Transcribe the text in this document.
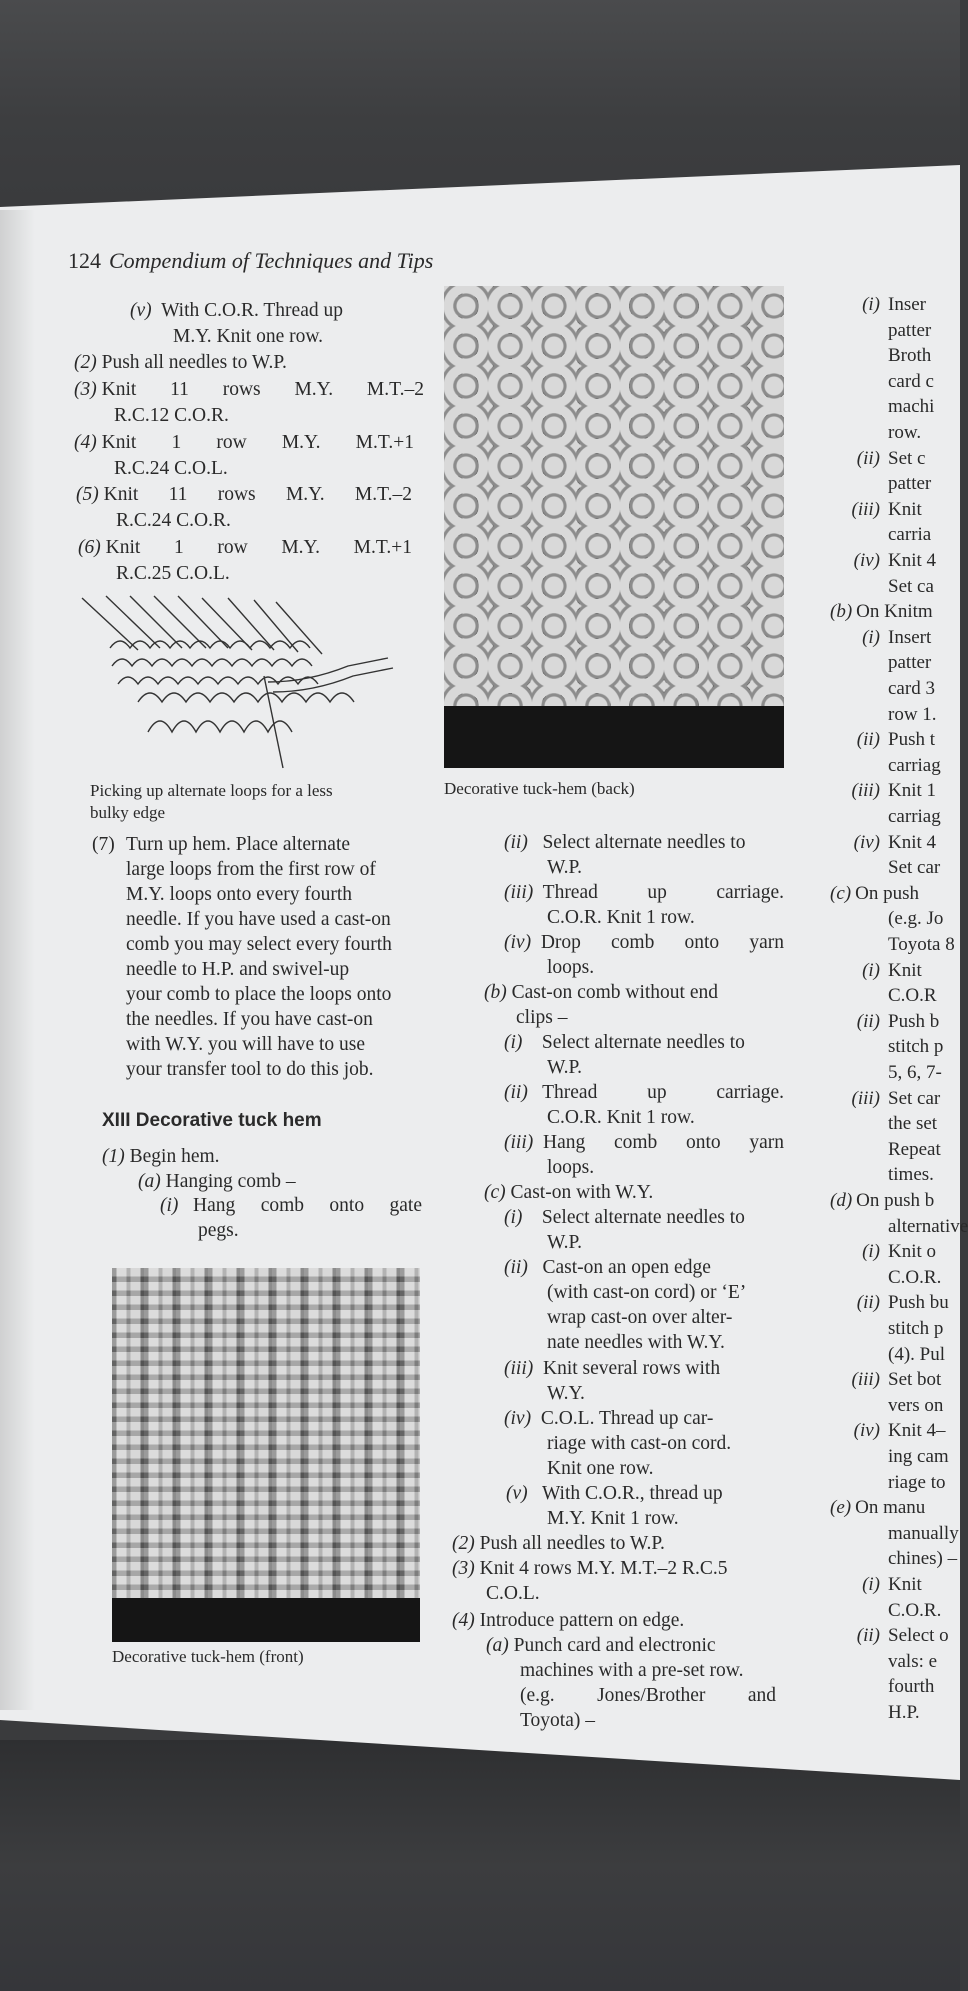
124 Compendium of Techniques and Tips
(v) With C.O.R. Thread up
M.Y. Knit one row.
(2) Push all needles to W.P.
(3) Knit 11 rows M.Y. M.T.–2
R.C.12 C.O.R.
(4) Knit 1 row M.Y. M.T.+1
R.C.24 C.O.L.
(5) Knit 11 rows M.Y. M.T.–2
R.C.24 C.O.R.
(6) Knit 1 row M.Y. M.T.+1
R.C.25 C.O.L.
Picking up alternate loops for a less
bulky edge
(7) Turn up hem. Place alternate
large loops from the first row of
M.Y. loops onto every fourth
needle. If you have used a cast-on
comb you may select every fourth
needle to H.P. and swivel-up
your comb to place the loops onto
the needles. If you have cast-on
with W.Y. you will have to use
your transfer tool to do this job.
XIII Decorative tuck hem
(1) Begin hem.
(a) Hanging comb –
(i) Hang comb onto gate
pegs.
Decorative tuck-hem (front)
Decorative tuck-hem (back)
(ii) Select alternate needles to
W.P.
(iii) Thread	up	carriage.
C.O.R. Knit 1 row.
(iv) Drop comb onto yarn
loops.
(b) Cast-on comb without end
clips –
(i) Select alternate needles to
W.P.
(ii) Thread	up	carriage.
C.O.R. Knit 1 row.
(iii) Hang comb onto yarn
loops.
(c) Cast-on with W.Y.
(i) Select alternate needles to
W.P.
(ii) Cast-on an open edge
(with cast-on cord) or ‘E’
wrap cast-on over alter-
nate needles with W.Y.
(iii) Knit several rows with
W.Y.
(iv) C.O.L. Thread up car-
riage with cast-on cord.
Knit one row.
(v) With C.O.R., thread up
M.Y. Knit 1 row.
(2) Push all needles to W.P.
(3) Knit 4 rows M.Y. M.T.–2 R.C.5
C.O.L.
(4) Introduce pattern on edge.
(a) Punch card and electronic
machines with a pre-set row.
(e.g. Jones/Brother and
Toyota) –
(i) Inser
patter
Broth
card c
machi
row.
(ii) Set c
patter
(iii) Knit
carria
(iv) Knit 4
Set ca
(b) On Knitm
(i) Insert
patter
card 3
row 1.
(ii) Push t
carriag
(iii) Knit 1
carriag
(iv) Knit 4
Set car
(c) On push
(e.g. Jo
Toyota 8
(i) Knit
C.O.R
(ii) Push b
stitch p
5, 6, 7-
(iii) Set car
the set
Repeat
times.
(d) On push b
alternative
(i) Knit o
C.O.R.
(ii) Push bu
stitch p
(4). Pul
(iii) Set bot
vers on
(iv) Knit 4–
ing cam
riage to
(e) On manu
manually
chines) –
(i) Knit
C.O.R.
(ii) Select o
vals: e
fourth
H.P.
